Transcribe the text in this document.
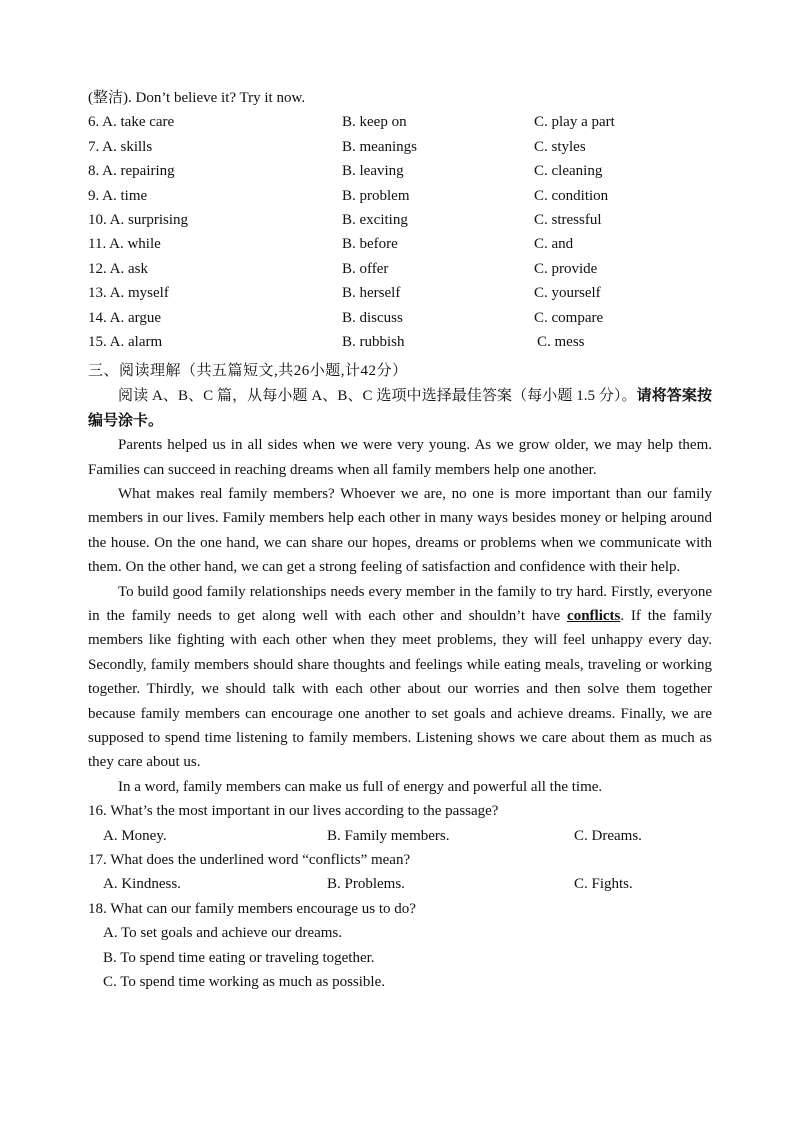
(整洁). Don’t believe it? Try it now.
6. A. take care	B. keep on	C. play a part
7. A. skills	B. meanings	C. styles
8. A. repairing	B. leaving	C. cleaning
9. A. time	B. problem	C. condition
10. A. surprising	B. exciting	C. stressful
11. A. while	B. before	C. and
12. A. ask	B. offer	C. provide
13. A. myself	B. herself	C. yourself
14. A. argue	B. discuss	C. compare
15. A. alarm	B. rubbish	C. mess
三、阅读理解（共五篇短文,共26小题,计42分）
阅读 A、B、C 篇，从每小题 A、B、C 选项中选择最佳答案（每小题 1.5 分）。请将答案按编号涂卡。
Parents helped us in all sides when we were very young. As we grow older, we may help them. Families can succeed in reaching dreams when all family members help one another.
What makes real family members? Whoever we are, no one is more important than our family members in our lives. Family members help each other in many ways besides money or helping around the house. On the one hand, we can share our hopes, dreams or problems when we communicate with them. On the other hand, we can get a strong feeling of satisfaction and confidence with their help.
To build good family relationships needs every member in the family to try hard. Firstly, everyone in the family needs to get along well with each other and shouldn’t have conflicts. If the family members like fighting with each other when they meet problems, they will feel unhappy every day. Secondly, family members should share thoughts and feelings while eating meals, traveling or working together. Thirdly, we should talk with each other about our worries and then solve them together because family members can encourage one another to set goals and achieve dreams. Finally, we are supposed to spend time listening to family members. Listening shows we care about them as much as they care about us.
In a word, family members can make us full of energy and powerful all the time.
16. What’s the most important in our lives according to the passage?
A. Money.	B. Family members.	C. Dreams.
17. What does the underlined word “conflicts” mean?
A. Kindness.	B. Problems.	C. Fights.
18. What can our family members encourage us to do?
A. To set goals and achieve our dreams.
B. To spend time eating or traveling together.
C. To spend time working as much as possible.
